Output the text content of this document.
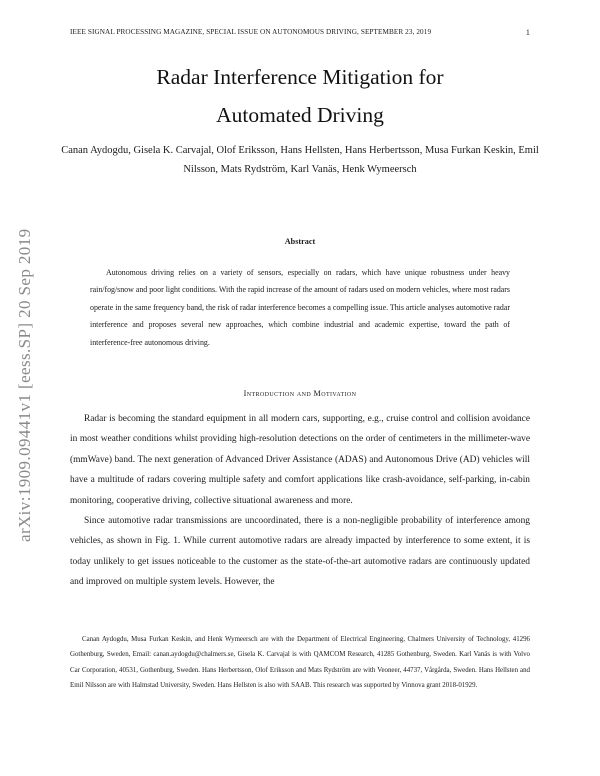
IEEE SIGNAL PROCESSING MAGAZINE, SPECIAL ISSUE ON AUTONOMOUS DRIVING, SEPTEMBER 23, 2019	1
Radar Interference Mitigation for Automated Driving
Canan Aydogdu, Gisela K. Carvajal, Olof Eriksson, Hans Hellsten, Hans Herbertsson, Musa Furkan Keskin, Emil Nilsson, Mats Rydström, Karl Vanäs, Henk Wymeersch
arXiv:1909.09441v1 [eess.SP] 20 Sep 2019	Abstract
Autonomous driving relies on a variety of sensors, especially on radars, which have unique robustness under heavy rain/fog/snow and poor light conditions. With the rapid increase of the amount of radars used on modern vehicles, where most radars operate in the same frequency band, the risk of radar interference becomes a compelling issue. This article analyses automotive radar interference and proposes several new approaches, which combine industrial and academic expertise, toward the path of interference-free autonomous driving.
Introduction and Motivation

Radar is becoming the standard equipment in all modern cars, supporting, e.g., cruise control and collision avoidance in most weather conditions whilst providing high-resolution detections on the order of centimeters in the millimeter-wave (mmWave) band. The next generation of Advanced Driver Assistance (ADAS) and Autonomous Drive (AD) vehicles will have a multitude of radars covering multiple safety and comfort applications like crash-avoidance, self-parking, in-cabin monitoring, cooperative driving, collective situational awareness and more.

Since automotive radar transmissions are uncoordinated, there is a non-negligible probability of interference among vehicles, as shown in Fig. 1. While current automotive radars are already impacted by interference to some extent, it is today unlikely to get issues noticeable to the customer as the state-of-the-art automotive radars are continuously updated and improved on multiple system levels. However, the

Canan Aydogdu, Musa Furkan Keskin, and Henk Wymeersch are with the Department of Electrical Engineering, Chalmers University of Technology, 41296 Gothenburg, Sweden, Email: canan.aydogdu@chalmers.se, Gisela K. Carvajal is with QAMCOM Research, 41285 Gothenburg, Sweden. Karl Vanäs is with Volvo Car Corporation, 40531, Gothenburg, Sweden. Hans Herbertsson, Olof Eriksson and Mats Rydström are with Veoneer, 44737, Vårgårda, Sweden. Hans Hellsten and Emil Nilsson are with Halmstad University, Sweden. Hans Hellsten is also with SAAB. This research was supported by Vinnova grant 2018-01929.
